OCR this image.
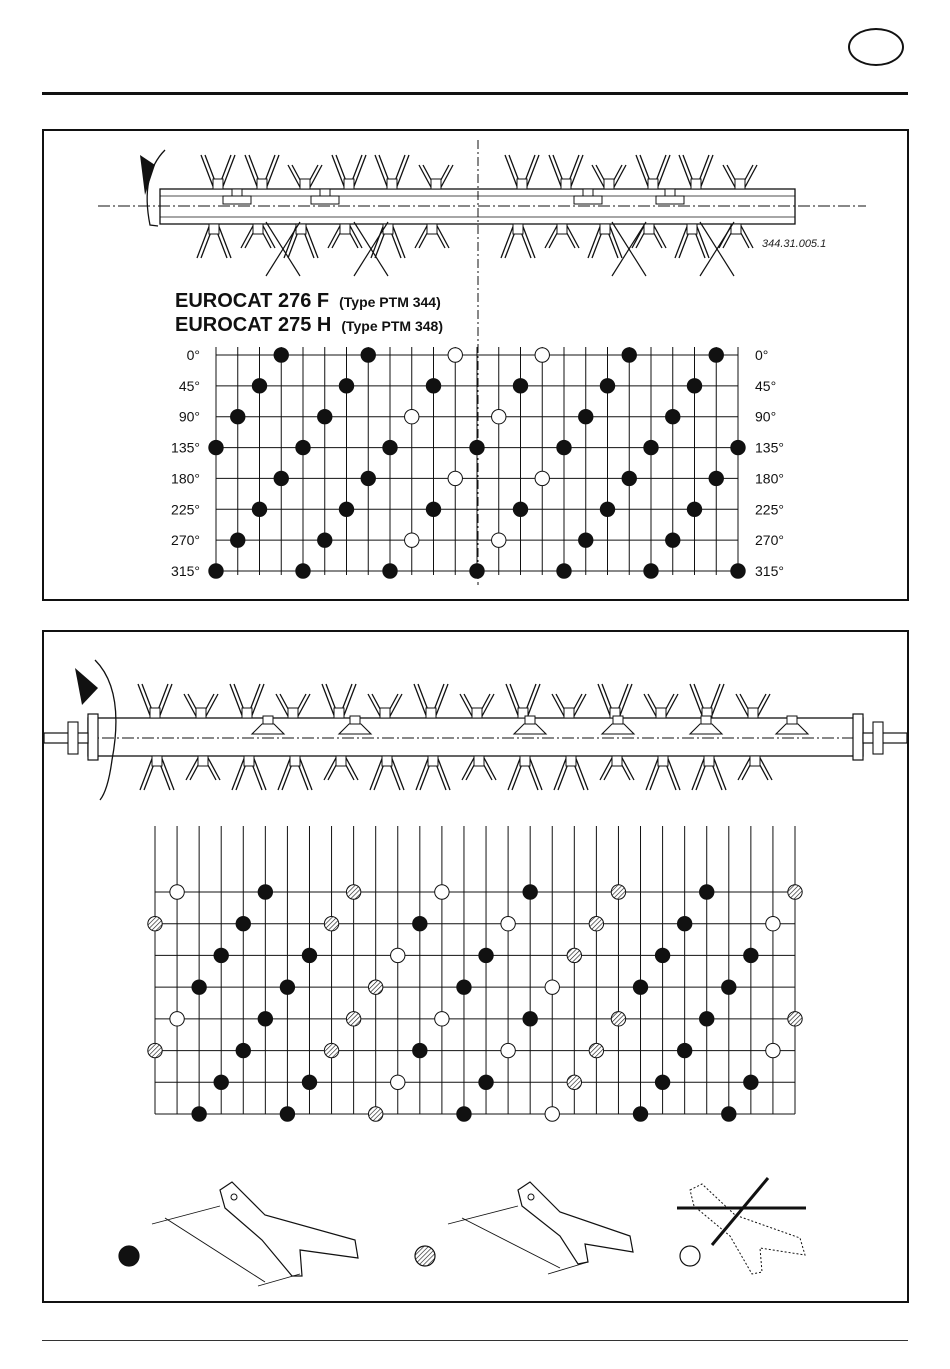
EUROCAT 276 F (Type PTM 344)
EUROCAT 275 H (Type PTM 348)
344.31.005.1
0°	0°
45°	45°
90°	90°
135°	135°
180°	180°
225°	225°
270°	270°
315°	315°
